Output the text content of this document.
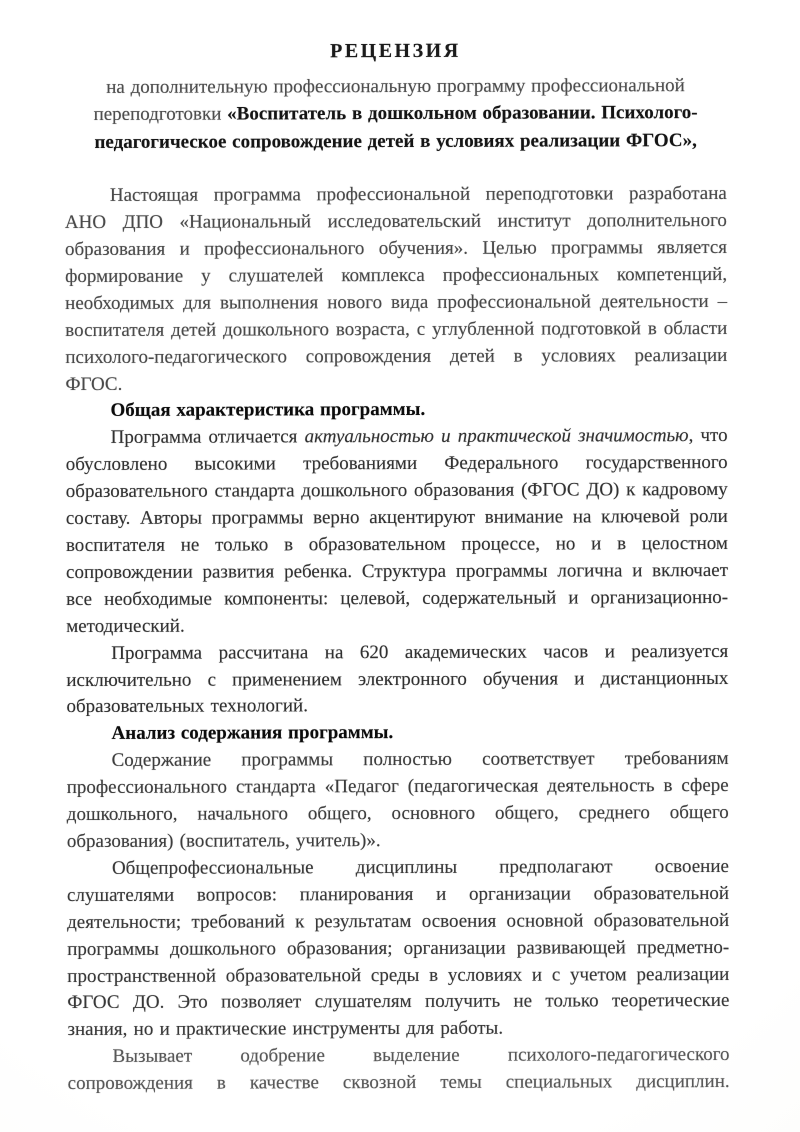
РЕЦЕНЗИЯ

на дополнительную профессиональную программу профессиональной переподготовки «Воспитатель в дошкольном образовании. Психолого-педагогическое сопровождение детей в условиях реализации ФГОС»,

Настоящая программа профессиональной переподготовки разработана АНО ДПО «Национальный исследовательский институт дополнительного образования и профессионального обучения». Целью программы является формирование у слушателей комплекса профессиональных компетенций, необходимых для выполнения нового вида профессиональной деятельности – воспитателя детей дошкольного возраста, с углубленной подготовкой в области психолого-педагогического сопровождения детей в условиях реализации ФГОС.

Общая характеристика программы.

Программа отличается актуальностью и практической значимостью, что обусловлено высокими требованиями Федерального государственного образовательного стандарта дошкольного образования (ФГОС ДО) к кадровому составу. Авторы программы верно акцентируют внимание на ключевой роли воспитателя не только в образовательном процессе, но и в целостном сопровождении развития ребенка. Структура программы логична и включает все необходимые компоненты: целевой, содержательный и организационно-методический.

Программа рассчитана на 620 академических часов и реализуется исключительно с применением электронного обучения и дистанционных образовательных технологий.

Анализ содержания программы.

Содержание программы полностью соответствует требованиям профессионального стандарта «Педагог (педагогическая деятельность в сфере дошкольного, начального общего, основного общего, среднего общего образования) (воспитатель, учитель)».

Общепрофессиональные дисциплины предполагают освоение слушателями вопросов: планирования и организации образовательной деятельности; требований к результатам освоения основной образовательной программы дошкольного образования; организации развивающей предметно-пространственной образовательной среды в условиях и с учетом реализации ФГОС ДО. Это позволяет слушателям получить не только теоретические знания, но и практические инструменты для работы.

Вызывает одобрение выделение психолого-педагогического сопровождения в качестве сквозной темы специальных дисциплин.
